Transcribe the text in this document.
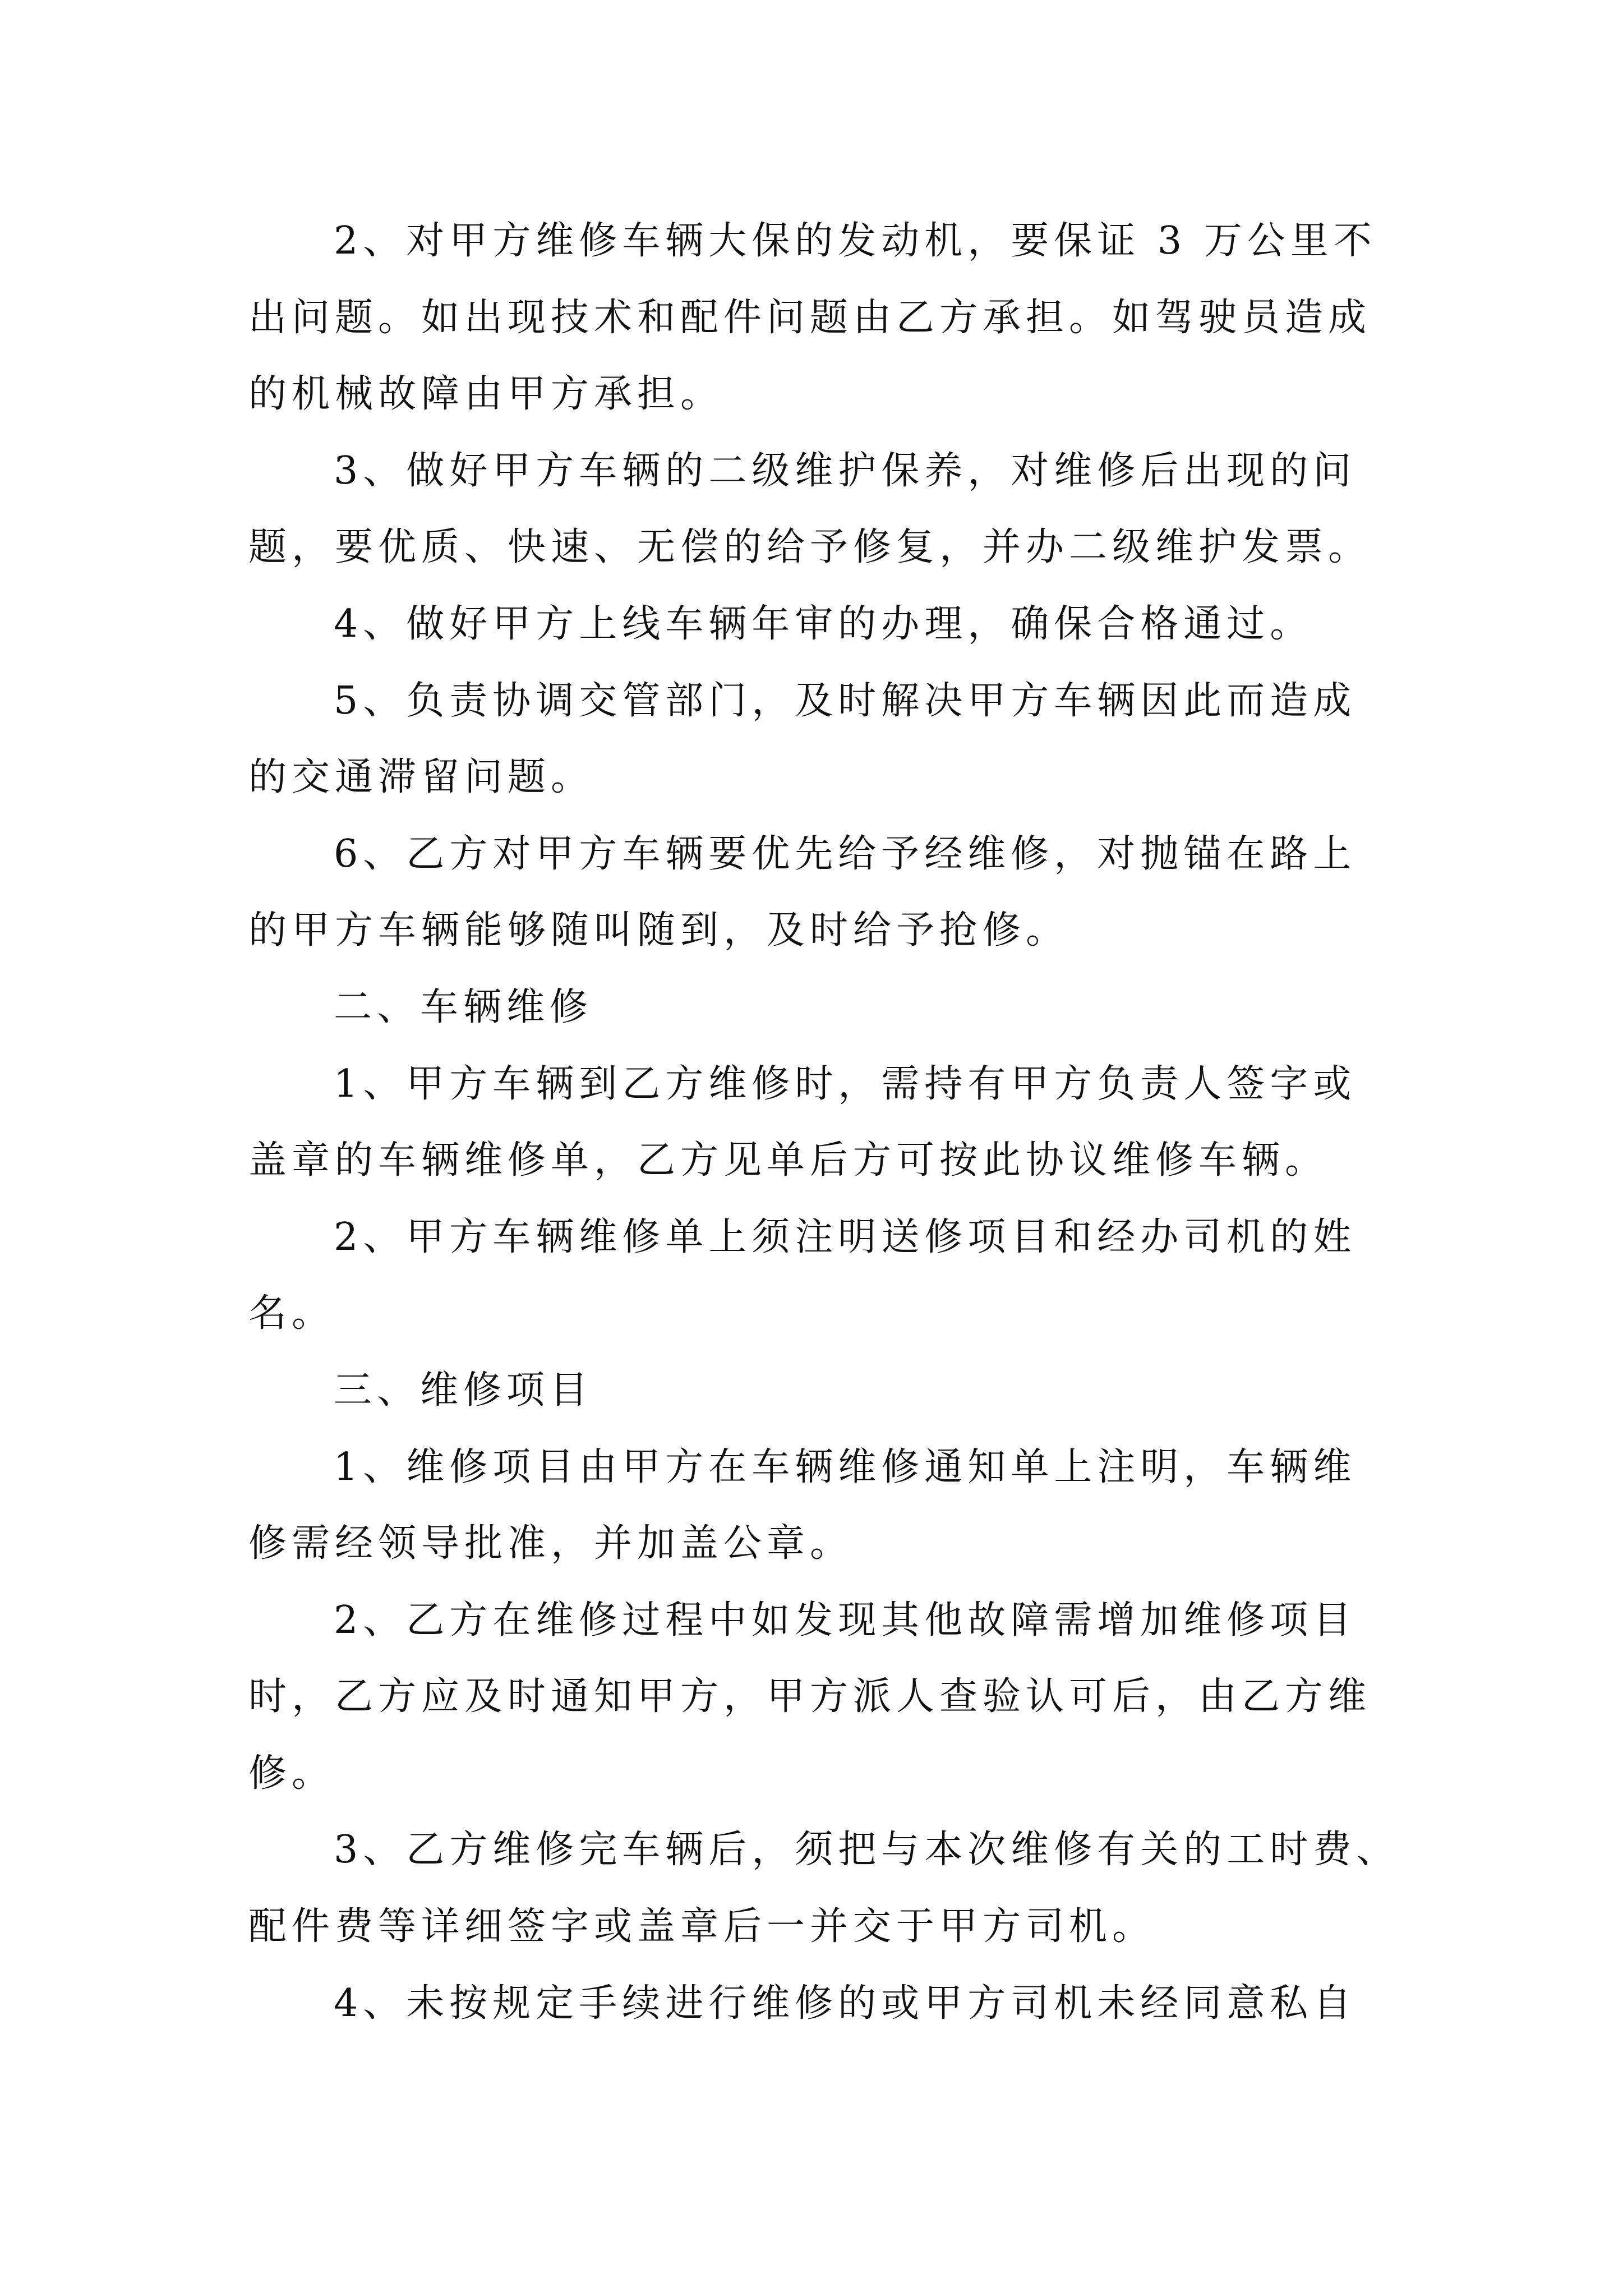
2、对甲方维修车辆大保的发动机，要保证 3 万公里不
出问题。如出现技术和配件问题由乙方承担。如驾驶员造成
的机械故障由甲方承担。
3、做好甲方车辆的二级维护保养，对维修后出现的问
题，要优质、快速、无偿的给予修复，并办二级维护发票。
4、做好甲方上线车辆年审的办理，确保合格通过。
5、负责协调交管部门，及时解决甲方车辆因此而造成
的交通滞留问题。
6、乙方对甲方车辆要优先给予经维修，对抛锚在路上
的甲方车辆能够随叫随到，及时给予抢修。
二、车辆维修
1、甲方车辆到乙方维修时，需持有甲方负责人签字或
盖章的车辆维修单，乙方见单后方可按此协议维修车辆。
2、甲方车辆维修单上须注明送修项目和经办司机的姓
名。
三、维修项目
1、维修项目由甲方在车辆维修通知单上注明，车辆维
修需经领导批准，并加盖公章。
2、乙方在维修过程中如发现其他故障需增加维修项目
时，乙方应及时通知甲方，甲方派人查验认可后，由乙方维
修。
3、乙方维修完车辆后，须把与本次维修有关的工时费、
配件费等详细签字或盖章后一并交于甲方司机。
4、未按规定手续进行维修的或甲方司机未经同意私自
